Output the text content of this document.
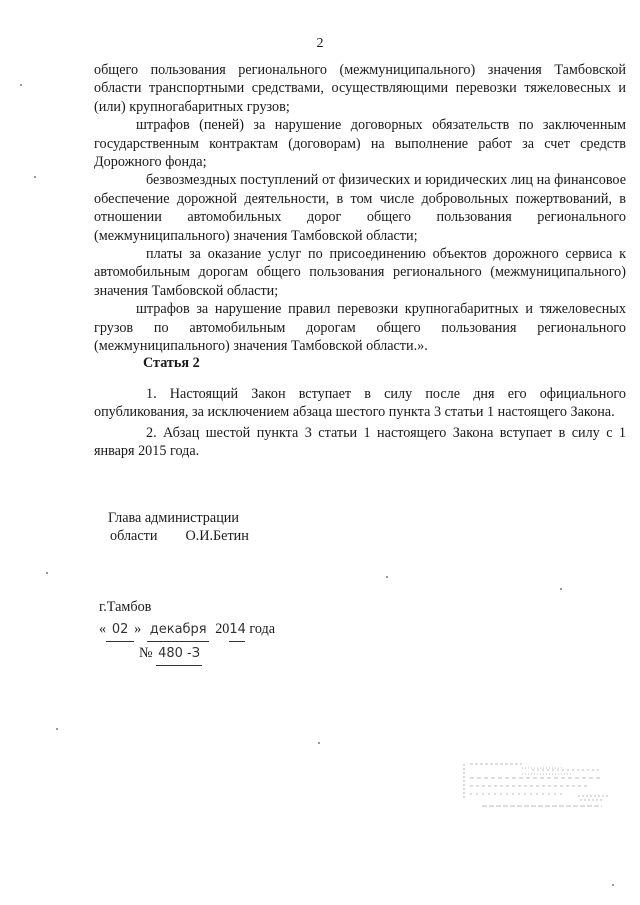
2

общего пользования регионального (межмуниципального) значения Тамбовской области транспортными средствами, осуществляющими перевозки тяжеловесных и (или) крупногабаритных грузов;

штрафов (пеней) за нарушение договорных обязательств по заключенным государственным контрактам (договорам) на выполнение работ за счет средств Дорожного фонда;

безвозмездных поступлений от физических и юридических лиц на финансовое обеспечение дорожной деятельности, в том числе добровольных пожертвований, в отношении автомобильных дорог общего пользования регионального (межмуниципального) значения Тамбовской области;

платы за оказание услуг по присоединению объектов дорожного сервиса к автомобильным дорогам общего пользования регионального (межмуниципального) значения Тамбовской области;

штрафов за нарушение правил перевозки крупногабаритных и тяжеловесных грузов по автомобильным дорогам общего пользования регионального (межмуниципального) значения Тамбовской области.».

Статья 2

1. Настоящий Закон вступает в силу после дня его официального опубликования, за исключением абзаца шестого пункта 3 статьи 1 настоящего Закона.

2. Абзац шестой пункта 3 статьи 1 настоящего Закона вступает в силу с 1 января 2015 года.

Глава администрации
области О.И.Бетин
г.Тамбов
« 02 » декабря 20 14 года
№ 480 -З
